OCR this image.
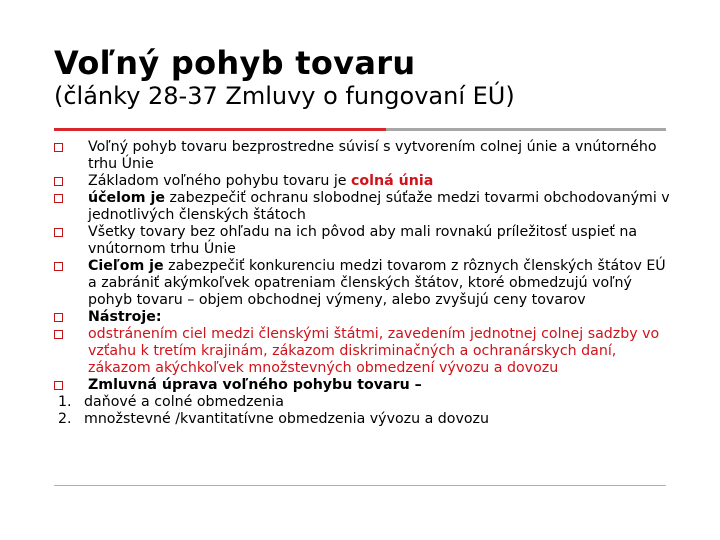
Voľný pohyb tovaru
(články 28-37 Zmluvy o fungovaní EÚ)
Voľný pohyb tovaru bezprostredne súvisí s vytvorením colnej únie a vnútorného trhu Únie
Základom voľného pohybu tovaru je colná únia
účelom je zabezpečiť ochranu slobodnej súťaže medzi tovarmi obchodovanými v jednotlivých členských štátoch
Všetky tovary bez ohľadu na ich pôvod aby mali rovnakú príležitosť uspieť na vnútornom trhu Únie
Cieľom je zabezpečiť konkurenciu medzi tovarom z rôznych členských štátov EÚ a zabrániť akýmkoľvek opatreniam členských štátov, ktoré obmedzujú voľný pohyb tovaru – objem obchodnej výmeny, alebo zvyšujú ceny tovarov
Nástroje:
odstránením ciel medzi členskými štátmi, zavedením jednotnej colnej sadzby vo vzťahu k tretím krajinám, zákazom diskriminačných a ochranárskych daní, zákazom akýchkoľvek množstevných obmedzení vývozu a dovozu
Zmluvná úprava voľného pohybu tovaru –
1. daňové a colné obmedzenia
2. množstevné /kvantitatívne obmedzenia vývozu a dovozu
